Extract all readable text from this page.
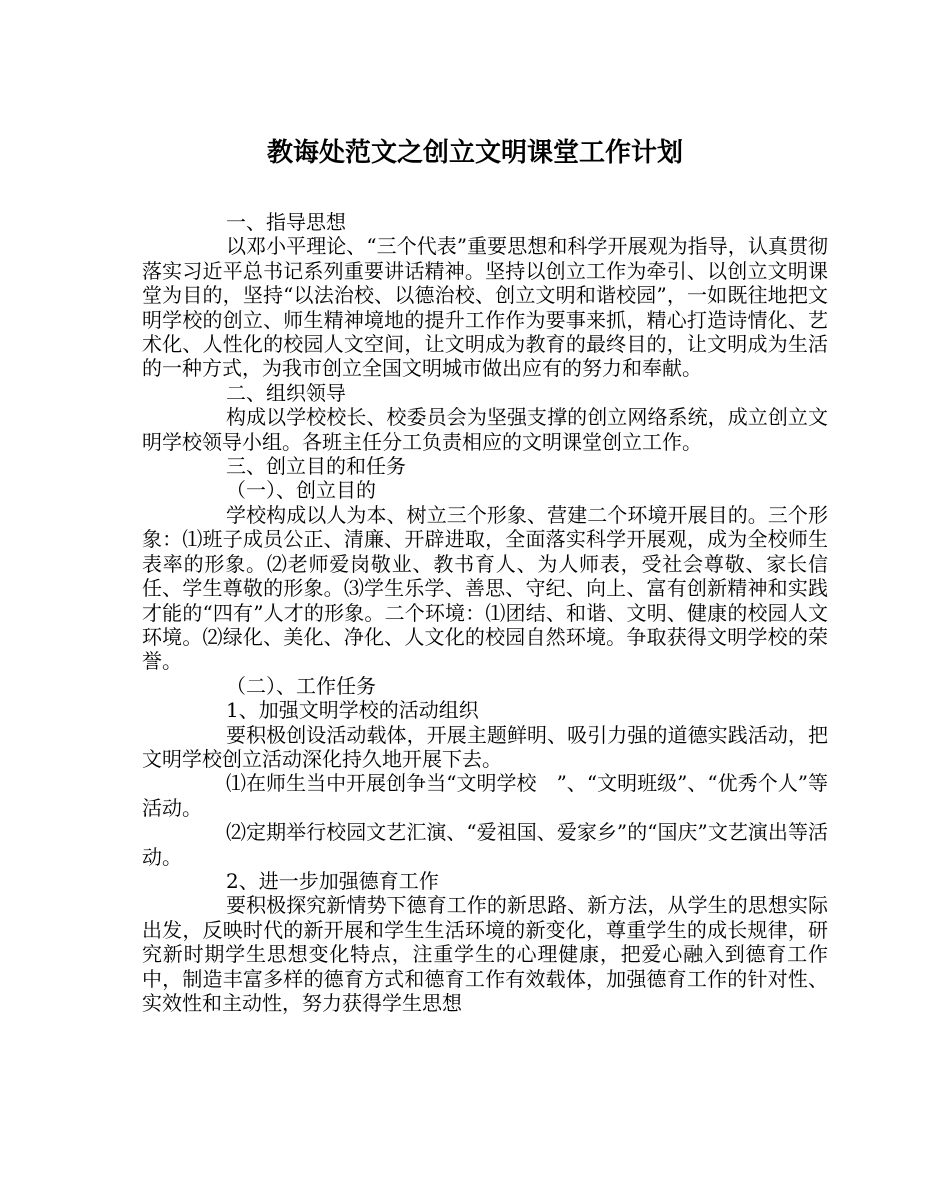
教诲处范文之创立文明课堂工作计划

一、指导思想

以邓小平理论、“三个代表”重要思想和科学开展观为指导，认真贯彻落实习近平总书记系列重要讲话精神。坚持以创立工作为牵引、以创立文明课堂为目的，坚持“以法治校、以德治校、创立文明和谐校园”，一如既往地把文明学校的创立、师生精神境地的提升工作作为要事来抓，精心打造诗情化、艺术化、人性化的校园人文空间，让文明成为教育的最终目的，让文明成为生活的一种方式，为我市创立全国文明城市做出应有的努力和奉献。

二、组织领导

构成以学校校长、校委员会为坚强支撑的创立网络系统，成立创立文明学校领导小组。各班主任分工负责相应的文明课堂创立工作。

三、创立目的和任务

（一）、创立目的

学校构成以人为本、树立三个形象、营建二个环境开展目的。三个形象：⑴班子成员公正、清廉、开辟进取，全面落实科学开展观，成为全校师生表率的形象。⑵老师爱岗敬业、教书育人、为人师表，受社会尊敬、家长信任、学生尊敬的形象。⑶学生乐学、善思、守纪、向上、富有创新精神和实践才能的“四有”人才的形象。二个环境：⑴团结、和谐、文明、健康的校园人文环境。⑵绿化、美化、净化、人文化的校园自然环境。争取获得文明学校的荣誉。

（二）、工作任务

1、加强文明学校的活动组织

要积极创设活动载体，开展主题鲜明、吸引力强的道德实践活动，把文明学校创立活动深化持久地开展下去。

⑴在师生当中开展创争当“文明学校　”、“文明班级”、“优秀个人”等活动。

⑵定期举行校园文艺汇演、“爱祖国、爱家乡”的“国庆”文艺演出等活动。

2、进一步加强德育工作

要积极探究新情势下德育工作的新思路、新方法，从学生的思想实际出发，反映时代的新开展和学生生活环境的新变化，尊重学生的成长规律，研究新时期学生思想变化特点，注重学生的心理健康，把爱心融入到德育工作中，制造丰富多样的德育方式和德育工作有效载体，加强德育工作的针对性、实效性和主动性，努力获得学生思想
